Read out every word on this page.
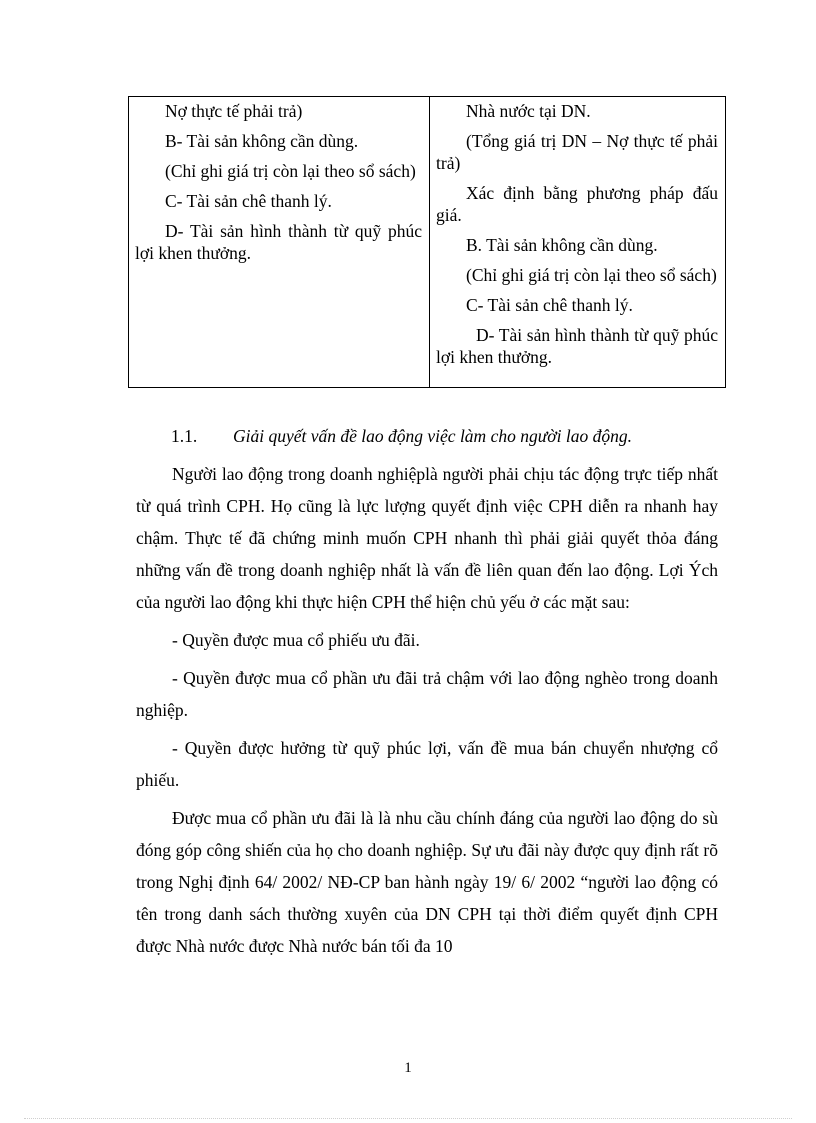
Nợ thực tế phải trả)

B- Tài sản không cần dùng.

(Chỉ ghi giá trị còn lại theo sổ sách)

C- Tài sản chê thanh lý.

D- Tài sản hình thành từ quỹ phúc lợi khen thưởng.

Nhà nước tại DN.

(Tổng giá trị DN – Nợ thực tế phải trả)

Xác định bằng phương pháp đấu giá.

B. Tài sản không cần dùng.

(Chỉ ghi giá trị còn lại theo sổ sách)

C- Tài sản chê thanh lý.

D- Tài sản hình thành từ quỹ phúc lợi khen thưởng.

1.1. Giải quyết vấn đề lao động việc làm cho người lao động.

Người lao động trong doanh nghiệplà người phải chịu tác động trực tiếp nhất từ quá trình CPH. Họ cũng là lực lượng quyết định việc CPH diễn ra nhanh hay chậm. Thực tế đã chứng minh muốn CPH nhanh thì phải giải quyết thỏa đáng những vấn đề trong doanh nghiệp nhất là vấn đề liên quan đến lao động. Lợi Ých của người lao động khi thực hiện CPH thể hiện chủ yếu ở các mặt sau:

- Quyền được mua cổ phiếu ưu đãi.

- Quyền được mua cổ phần ưu đãi trả chậm với lao động nghèo trong doanh nghiệp.

- Quyền được hưởng từ quỹ phúc lợi, vấn đề mua bán chuyển nhượng cổ phiếu.

Được mua cổ phần ưu đãi là là nhu cầu chính đáng của người lao động do sù đóng góp công shiến của họ cho doanh nghiệp. Sự ưu đãi này được quy định rất rõ trong Nghị định 64/ 2002/ NĐ-CP ban hành ngày 19/ 6/ 2002 “người lao động có tên trong danh sách thường xuyên của DN CPH tại thời điểm quyết định CPH được Nhà nước được Nhà nước bán tối đa 10

1
